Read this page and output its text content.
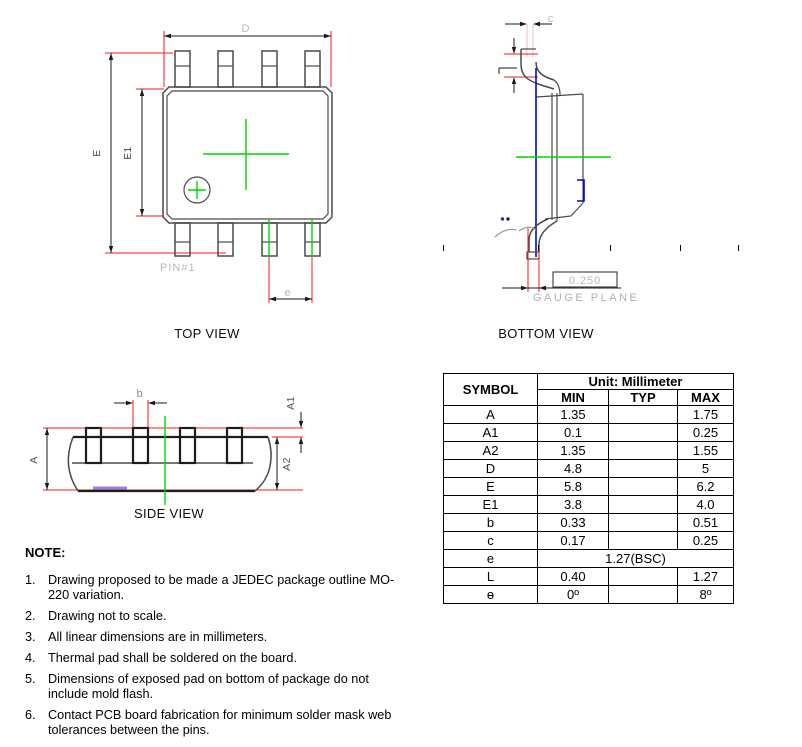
D
E E1
PIN#1
e
TOP VIEW
c
0.250
GAUGE PLANE
BOTTOM VIEW
b
A
A1
A2
SIDE VIEW
SYMBOL	Unit: Millimeter		
	MIN	TYP	MAX
A	1.35		1.75
A1	0.1		0.25
A2	1.35		1.55
D	4.8		5
E	5.8		6.2
E1	3.8		4.0
b	0.33		0.51
c	0.17		0.25
e	1.27(BSC)		
L	0.40		1.27
ɵ	0º		8º
NOTE:
1. Drawing proposed to be made a JEDEC package outline MO-
220 variation.
2. Drawing not to scale.
3. All linear dimensions are in millimeters.
4. Thermal pad shall be soldered on the board.
5. Dimensions of exposed pad on bottom of package do not
include mold flash.
6. Contact PCB board fabrication for minimum solder mask web
tolerances between the pins.
